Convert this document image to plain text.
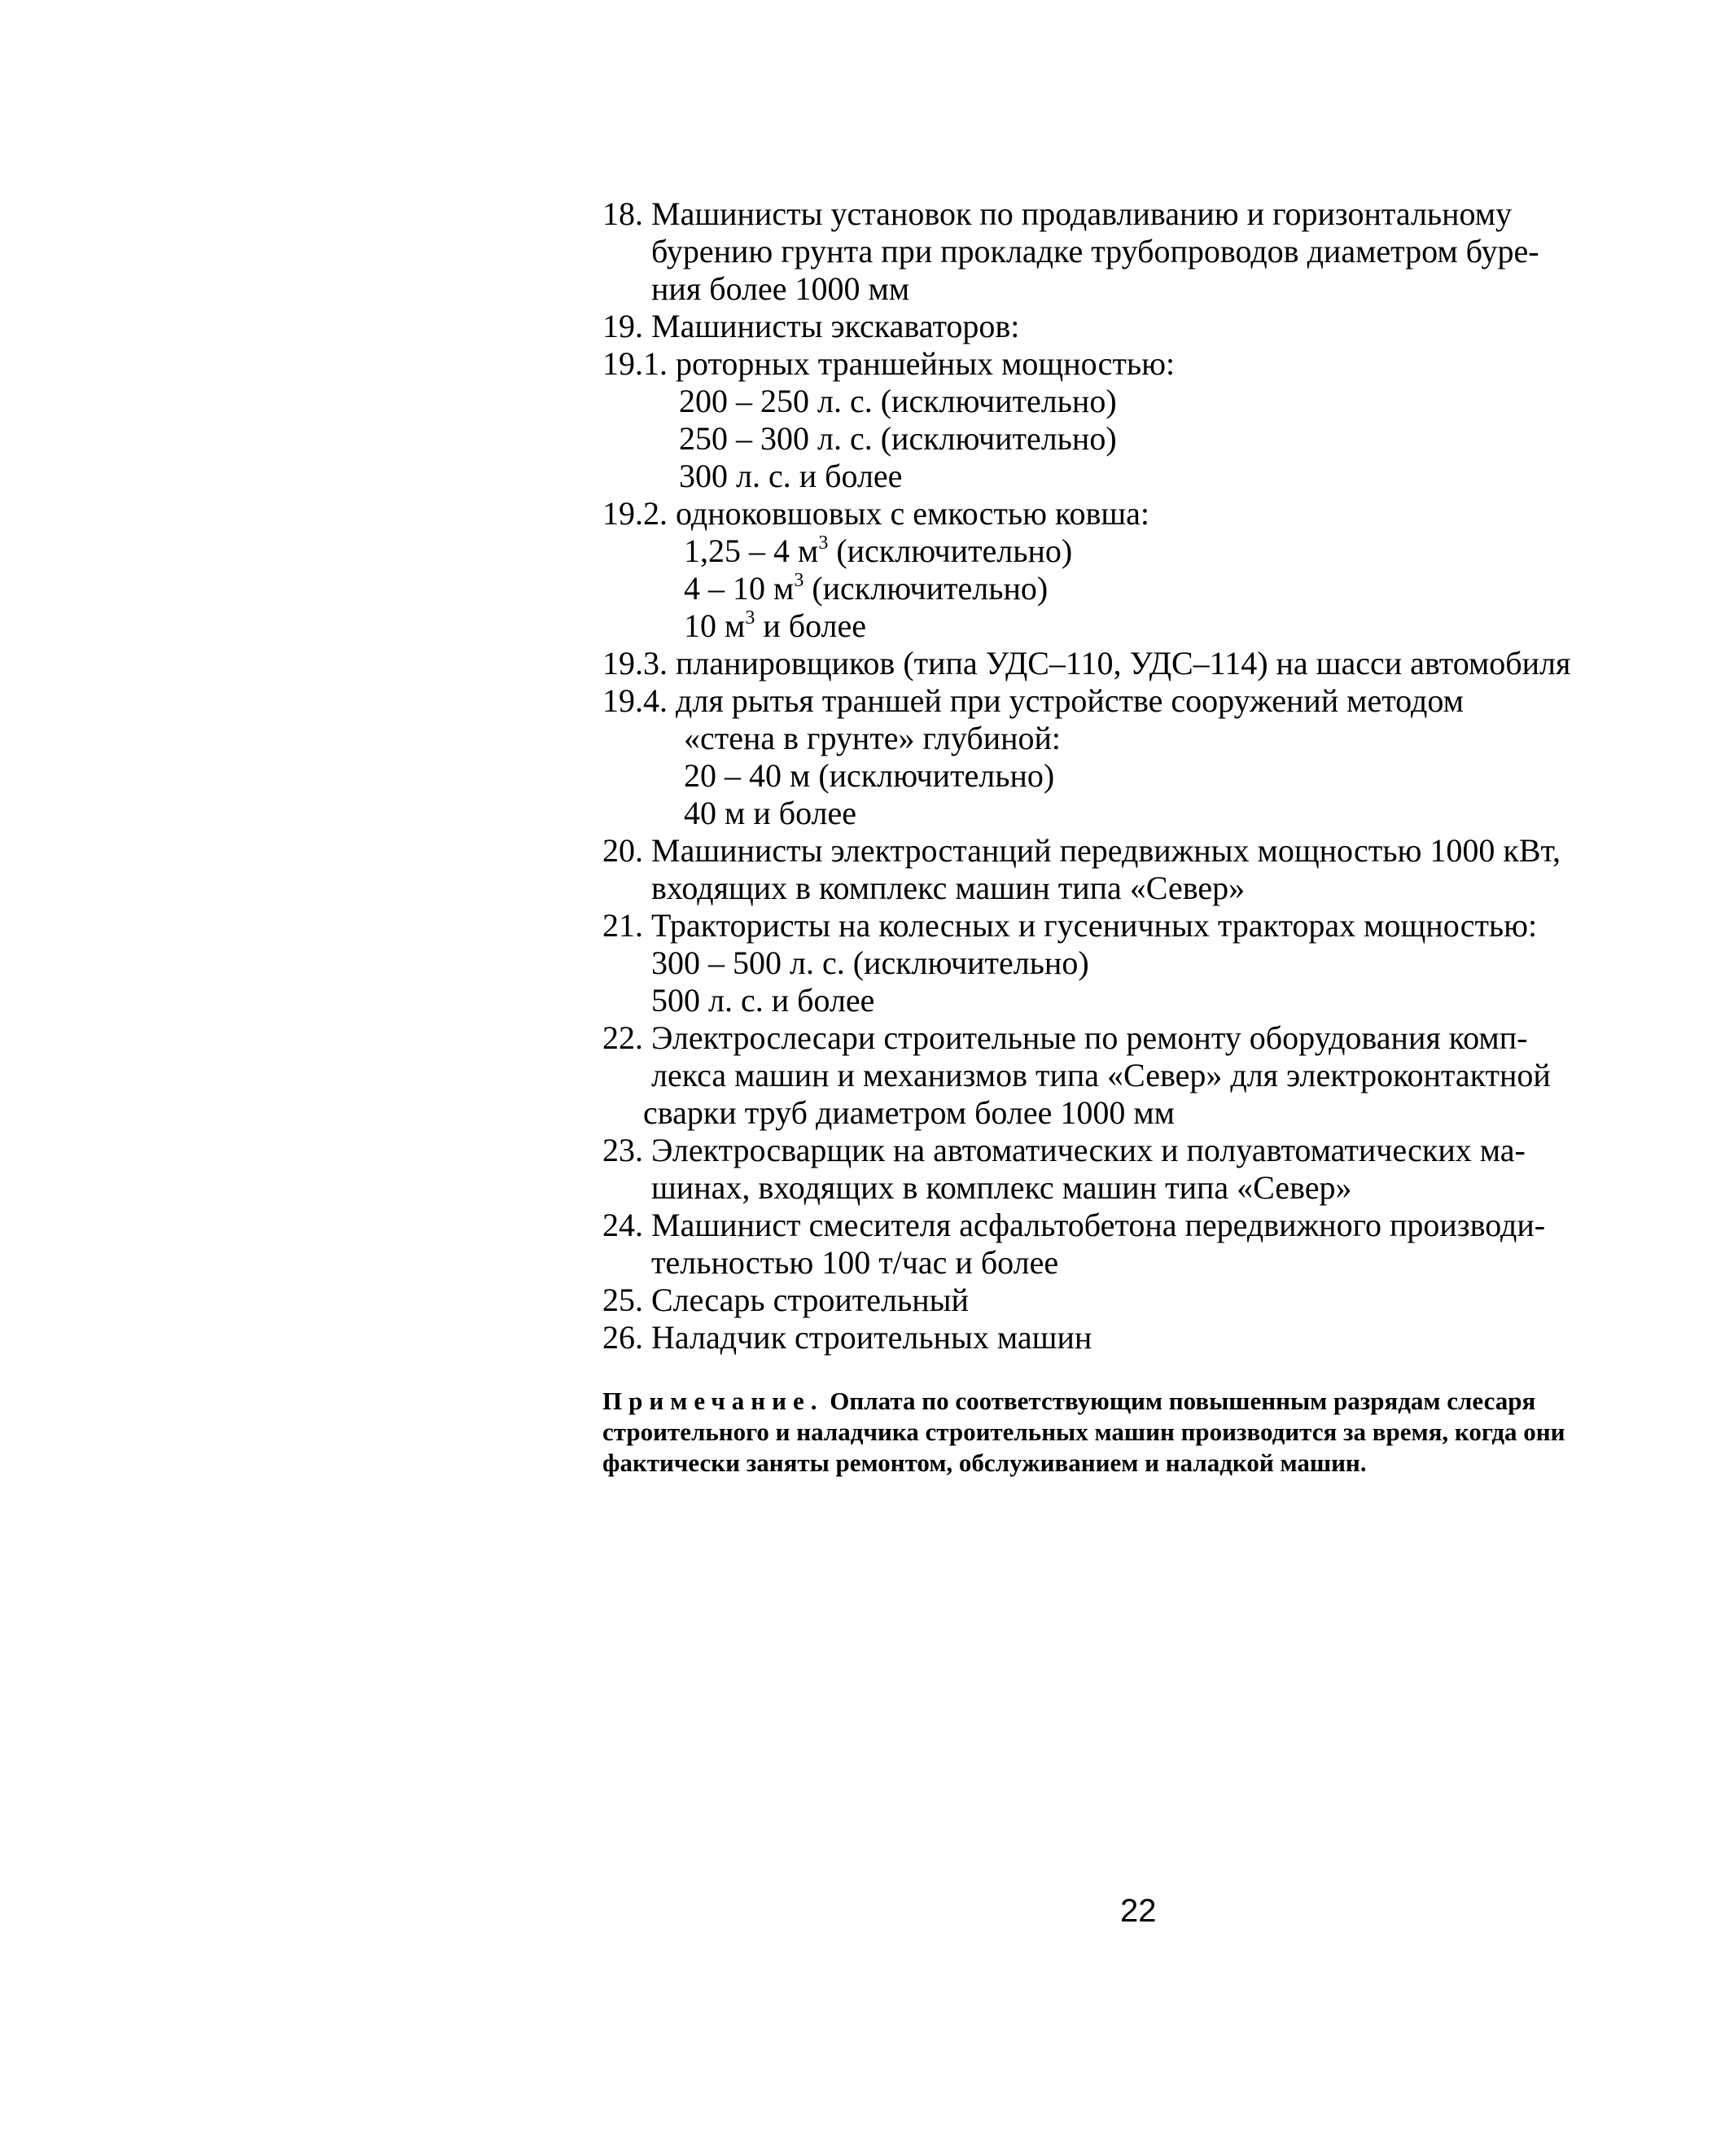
18. Машинисты установок по продавливанию и горизонтальному
бурению грунта при прокладке трубопроводов диаметром буре-
ния более 1000 мм
19. Машинисты экскаваторов:
19.1. роторных траншейных мощностью:
200 – 250 л. с. (исключительно)
250 – 300 л. с. (исключительно)
300 л. с. и более
19.2. одноковшовых с емкостью ковша:
1,25 – 4 $м^3$ (исключительно)
4 – 10 $м^3$ (исключительно)
10 $м^3$ и более
19.3. планировщиков (типа УДС–110, УДС–114) на шасси автомобиля
19.4. для рытья траншей при устройстве сооружений методом
«стена в грунте» глубиной:
20 – 40 м (исключительно)
40 м и более
20. Машинисты электростанций передвижных мощностью 1000 кВт,
входящих в комплекс машин типа «Север»
21. Трактористы на колесных и гусеничных тракторах мощностью:
300 – 500 л. с. (исключительно)
500 л. с. и более
22. Электрослесари строительные по ремонту оборудования комп-
лекса машин и механизмов типа «Север» для электроконтактной
сварки труб диаметром более 1000 мм
23. Электросварщик на автоматических и полуавтоматических ма-
шинах, входящих в комплекс машин типа «Север»
24. Машинист смесителя асфальтобетона передвижного производи-
тельностью 100 т/час и более
25. Слесарь строительный
26. Наладчик строительных машин
Примечание. Оплата по соответствующим повышенным разрядам слесаря
строительного и наладчика строительных машин производится за время, когда они
фактически заняты ремонтом, обслуживанием и наладкой машин.
22
